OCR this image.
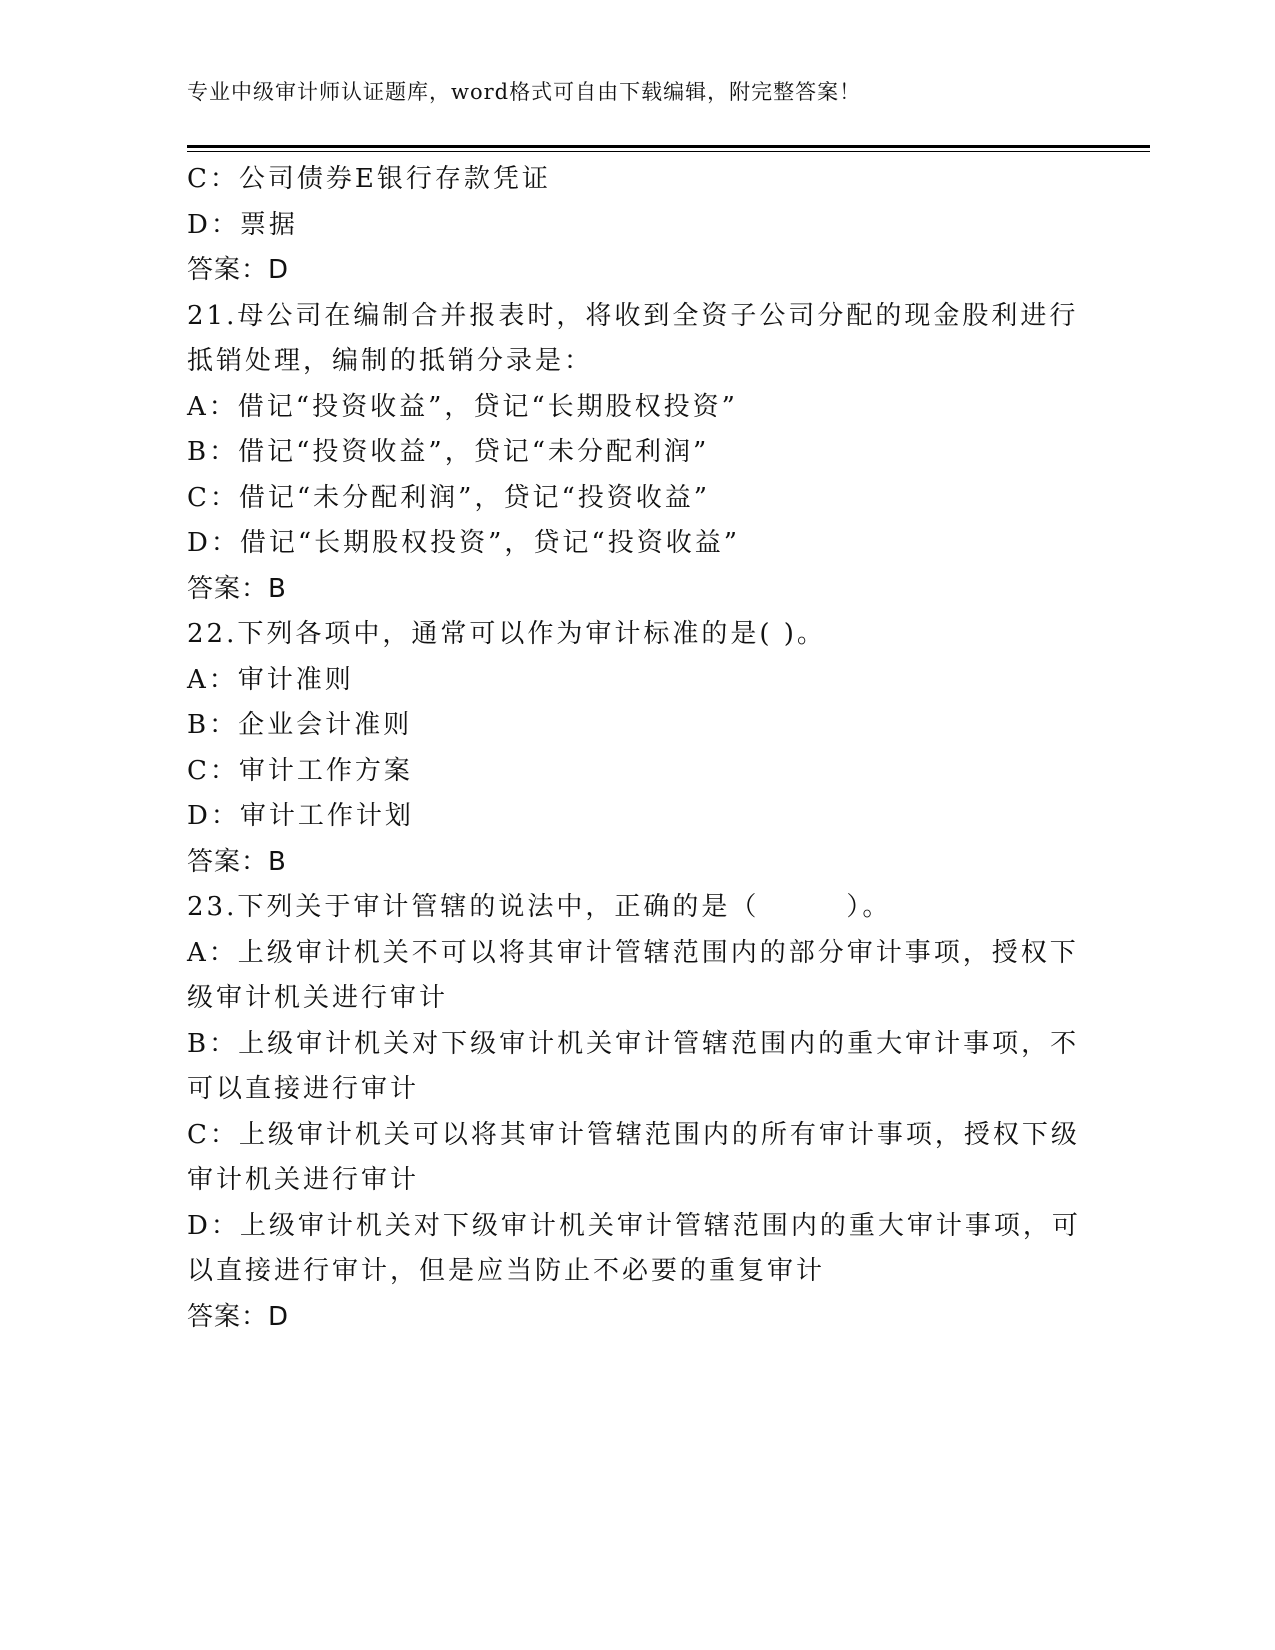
专业中级审计师认证题库，word格式可自由下载编辑，附完整答案！

C：公司债券E银行存款凭证

D：票据

答案：D

21.母公司在编制合并报表时，将收到全资子公司分配的现金股利进行

抵销处理，编制的抵销分录是：

A：借记“投资收益”，贷记“长期股权投资”

B：借记“投资收益”，贷记“未分配利润”

C：借记“未分配利润”，贷记“投资收益”

D：借记“长期股权投资”，贷记“投资收益”

答案：B

22.下列各项中，通常可以作为审计标准的是( )。

A：审计准则

B：企业会计准则

C：审计工作方案

D：审计工作计划

答案：B

23.下列关于审计管辖的说法中，正确的是（　　　）。

A：上级审计机关不可以将其审计管辖范围内的部分审计事项，授权下

级审计机关进行审计

B：上级审计机关对下级审计机关审计管辖范围内的重大审计事项，不

可以直接进行审计

C：上级审计机关可以将其审计管辖范围内的所有审计事项，授权下级

审计机关进行审计

D：上级审计机关对下级审计机关审计管辖范围内的重大审计事项，可

以直接进行审计，但是应当防止不必要的重复审计

答案：D
